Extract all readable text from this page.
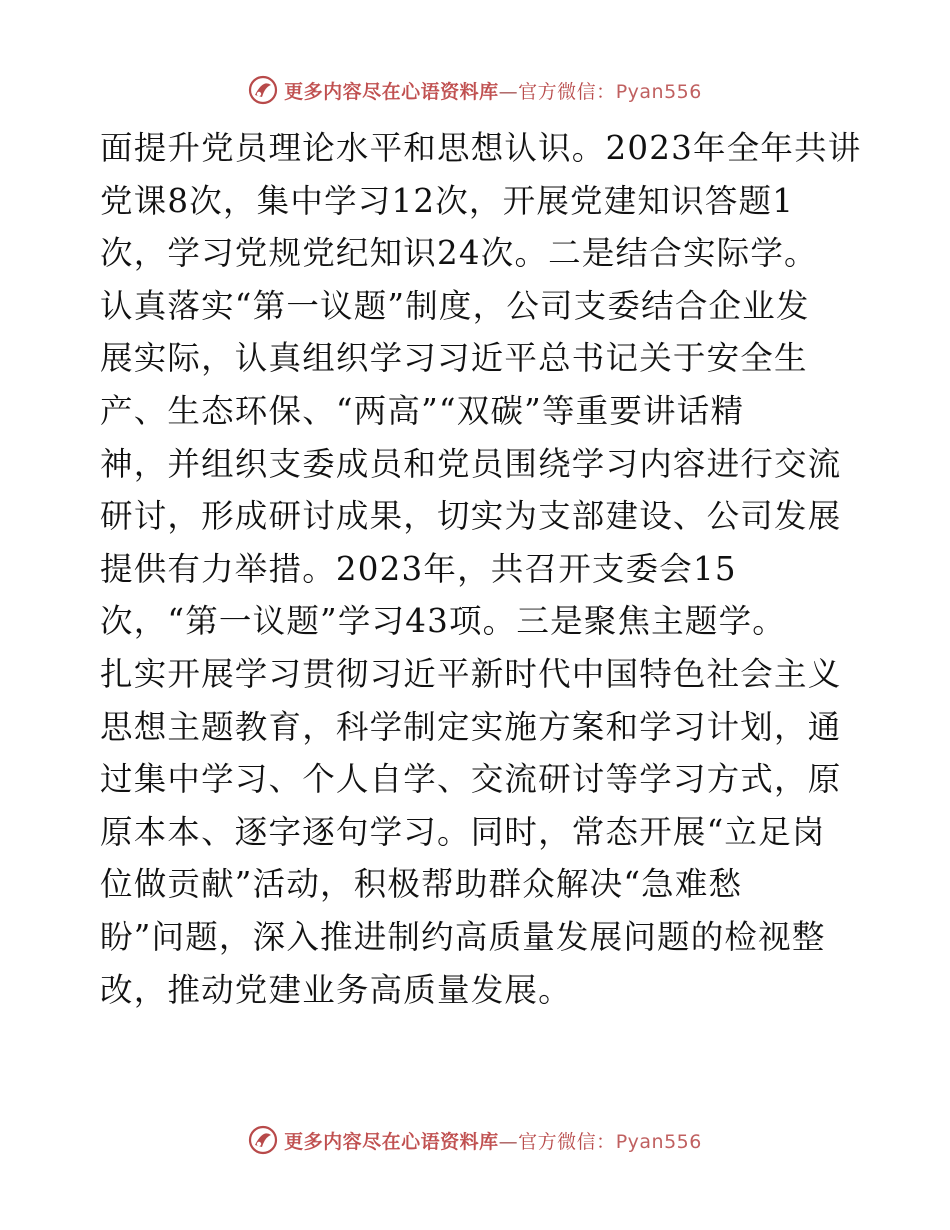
更多内容尽在心语资料库—官方微信：Pyan556
面提升党员理论水平和思想认识。2023年全年共讲
党课8次，集中学习12次，开展党建知识答题1
次，学习党规党纪知识24次。二是结合实际学。
认真落实“第一议题”制度，公司支委结合企业发
展实际，认真组织学习习近平总书记关于安全生
产、生态环保、“两高”“双碳”等重要讲话精
神，并组织支委成员和党员围绕学习内容进行交流
研讨，形成研讨成果，切实为支部建设、公司发展
提供有力举措。2023年，共召开支委会15
次，“第一议题”学习43项。三是聚焦主题学。
扎实开展学习贯彻习近平新时代中国特色社会主义
思想主题教育，科学制定实施方案和学习计划，通
过集中学习、个人自学、交流研讨等学习方式，原
原本本、逐字逐句学习。同时，常态开展“立足岗
位做贡献”活动，积极帮助群众解决“急难愁
盼”问题，深入推进制约高质量发展问题的检视整
改，推动党建业务高质量发展。
更多内容尽在心语资料库—官方微信：Pyan556
